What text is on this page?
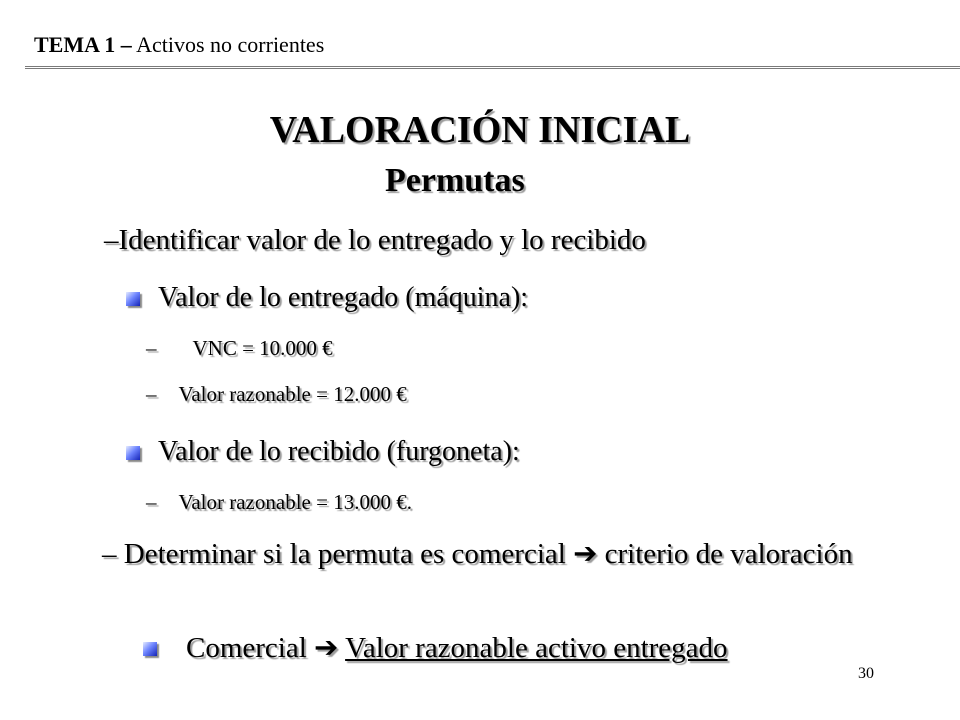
TEMA 1 – Activos no corrientes
VALORACIÓN INICIAL
Permutas
–Identificar valor de lo entregado y lo recibido
Valor de lo entregado (máquina):
– VNC = 10.000 €
– Valor razonable = 12.000 €
Valor de lo recibido (furgoneta):
– Valor razonable = 13.000 €.
– Determinar si la permuta es comercial ➔ criterio de valoración
Comercial ➔ Valor razonable activo entregado
30
